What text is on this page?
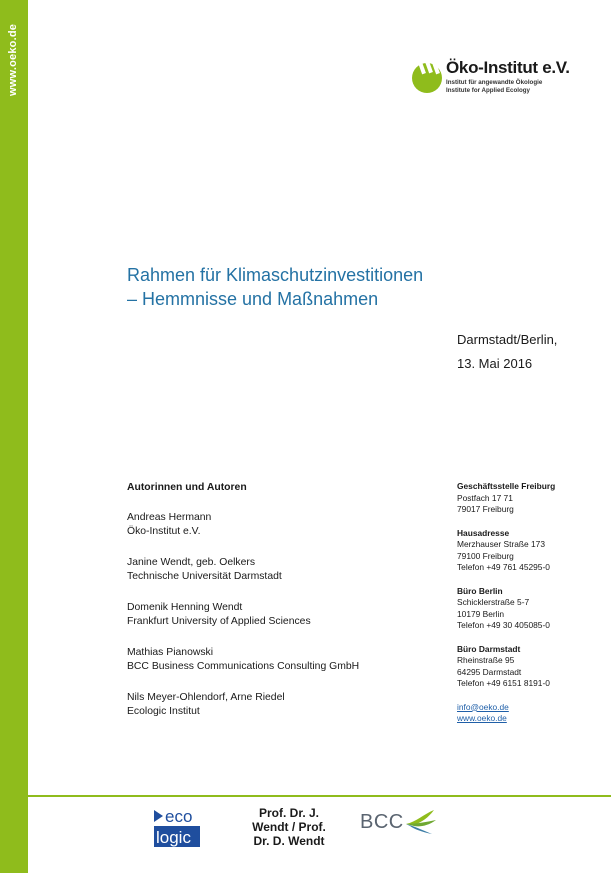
www.oeko.de	Öko-Institut e.V.
Institut für angewandte Ökologie
Institute for Applied Ecology
Rahmen für Klimaschutzinvestitionen
– Hemmnisse und Maßnahmen
Darmstadt/Berlin,
13. Mai 2016
Autorinnen und Autoren
Andreas Hermann
Öko-Institut e.V.
Janine Wendt, geb. Oelkers
Technische Universität Darmstadt
Domenik Henning Wendt
Frankfurt University of Applied Sciences
Mathias Pianowski
BCC Business Communications Consulting GmbH
Nils Meyer-Ohlendorf, Arne Riedel
Ecologic Institut
Geschäftsstelle Freiburg
Postfach 17 71
79017 Freiburg
Hausadresse
Merzhauser Straße 173
79100 Freiburg
Telefon +49 761 45295-0
Büro Berlin
Schicklerstraße 5-7
10179 Berlin
Telefon +49 30 405085-0
Büro Darmstadt
Rheinstraße 95
64295 Darmstadt
Telefon +49 6151 8191-0
info@oeko.de
www.oeko.de
eco
logic
Prof. Dr. J.
Wendt / Prof.
Dr. D. Wendt
BCC
